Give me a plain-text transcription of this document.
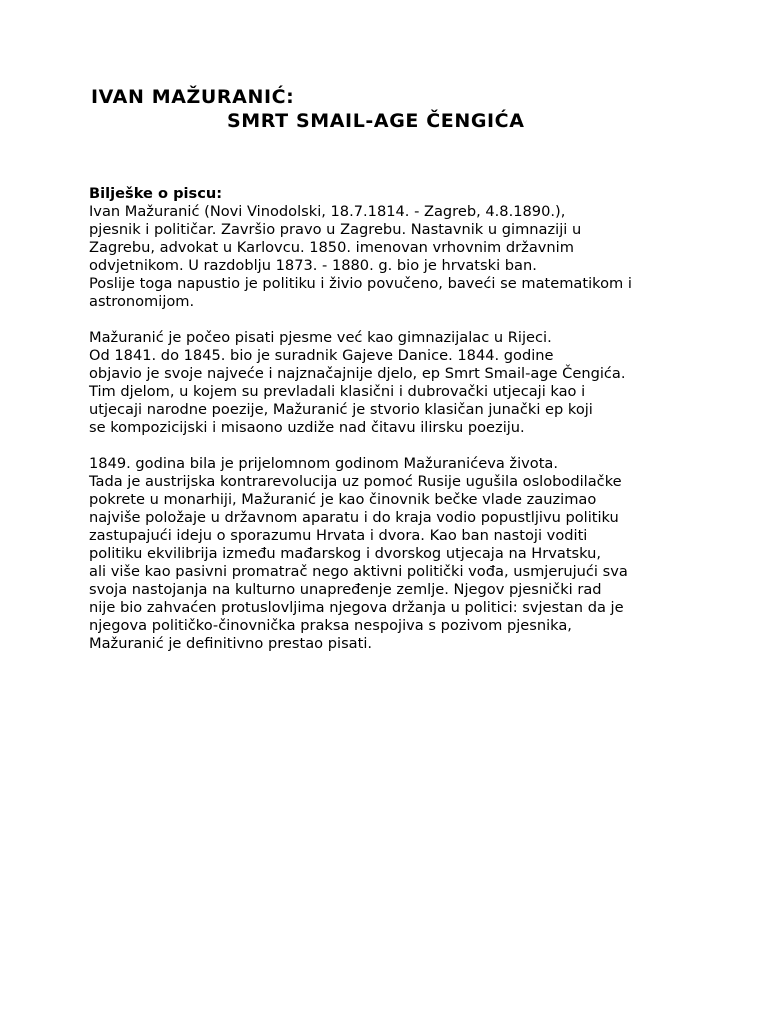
IVAN MAŽURANIĆ:
SMRT SMAIL-AGE ČENGIĆA
Bilješke o piscu:
Ivan Mažuranić (Novi Vinodolski, 18.7.1814. - Zagreb, 4.8.1890.),
pjesnik i političar. Završio pravo u Zagrebu. Nastavnik u gimnaziji u
Zagrebu, advokat u Karlovcu. 1850. imenovan vrhovnim državnim
odvjetnikom. U razdoblju 1873. - 1880. g. bio je hrvatski ban.
Poslije toga napustio je politiku i živio povučeno, baveći se matematikom i
astronomijom.
Mažuranić je počeo pisati pjesme već kao gimnazijalac u Rijeci.
Od 1841. do 1845. bio je suradnik Gajeve Danice. 1844. godine
objavio je svoje najveće i najznačajnije djelo, ep Smrt Smail-age Čengića.
Tim djelom, u kojem su prevladali klasični i dubrovački utjecaji kao i
utjecaji narodne poezije, Mažuranić je stvorio klasičan junački ep koji
se kompozicijski i misaono uzdiže nad čitavu ilirsku poeziju.
1849. godina bila je prijelomnom godinom Mažuranićeva života.
Tada je austrijska kontrarevolucija uz pomoć Rusije ugušila oslobodilačke
pokrete u monarhiji, Mažuranić je kao činovnik bečke vlade zauzimao
najviše položaje u državnom aparatu i do kraja vodio popustljivu politiku
zastupajući ideju o sporazumu Hrvata i dvora. Kao ban nastoji voditi
politiku ekvilibrija između mađarskog i dvorskog utjecaja na Hrvatsku,
ali više kao pasivni promatrač nego aktivni politički vođa, usmjerujući sva
svoja nastojanja na kulturno unapređenje zemlje. Njegov pjesnički rad
nije bio zahvaćen protuslovljima njegova držanja u politici: svjestan da je
njegova političko-činovnička praksa nespojiva s pozivom pjesnika,
Mažuranić je definitivno prestao pisati.
